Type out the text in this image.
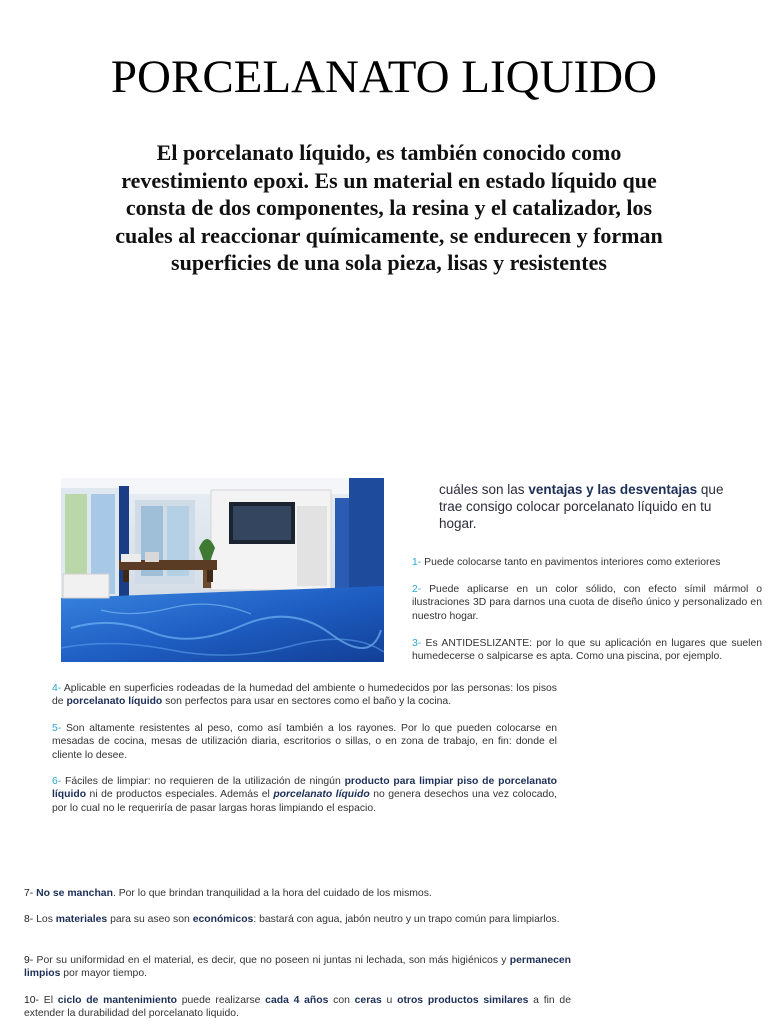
PORCELANATO LIQUIDO

El porcelanato líquido, es también conocido como revestimiento epoxi. Es un material en estado líquido que consta de dos componentes, la resina y el catalizador, los cuales al reaccionar químicamente, se endurecen y forman superficies de una sola pieza, lisas y resistentes

cuáles son las ventajas y las desventajas que trae consigo colocar porcelanato líquido en tu hogar.

1- Puede colocarse tanto en pavimentos interiores como exteriores

2- Puede aplicarse en un color sólido, con efecto símil mármol o ilustraciones 3D para darnos una cuota de diseño único y personalizado en nuestro hogar.

3- Es ANTIDESLIZANTE: por lo que su aplicación en lugares que suelen humedecerse o salpicarse es apta. Como una piscina, por ejemplo.

4- Aplicable en superficies rodeadas de la humedad del ambiente o humedecidos por las personas: los pisos de porcelanato líquido son perfectos para usar en sectores como el baño y la cocina.

5- Son altamente resistentes al peso, como así también a los rayones. Por lo que pueden colocarse en mesadas de cocina, mesas de utilización diaria, escritorios o sillas, o en zona de trabajo, en fin: donde el cliente lo desee.

6- Fáciles de limpiar: no requieren de la utilización de ningún producto para limpiar piso de porcelanato líquido ni de productos especiales. Además el porcelanato líquido no genera desechos una vez colocado, por lo cual no le requeriría de pasar largas horas limpiando el espacio.

7- No se manchan. Por lo que brindan tranquilidad a la hora del cuidado de los mismos.

8- Los materiales para su aseo son económicos: bastará con agua, jabón neutro y un trapo común para limpiarlos.

9- Por su uniformidad en el material, es decir, que no poseen ni juntas ni lechada, son más higiénicos y permanecen limpios por mayor tiempo.

10- El ciclo de mantenimiento puede realizarse cada 4 años con ceras u otros productos similares a fin de extender la durabilidad del porcelanato liquido.
